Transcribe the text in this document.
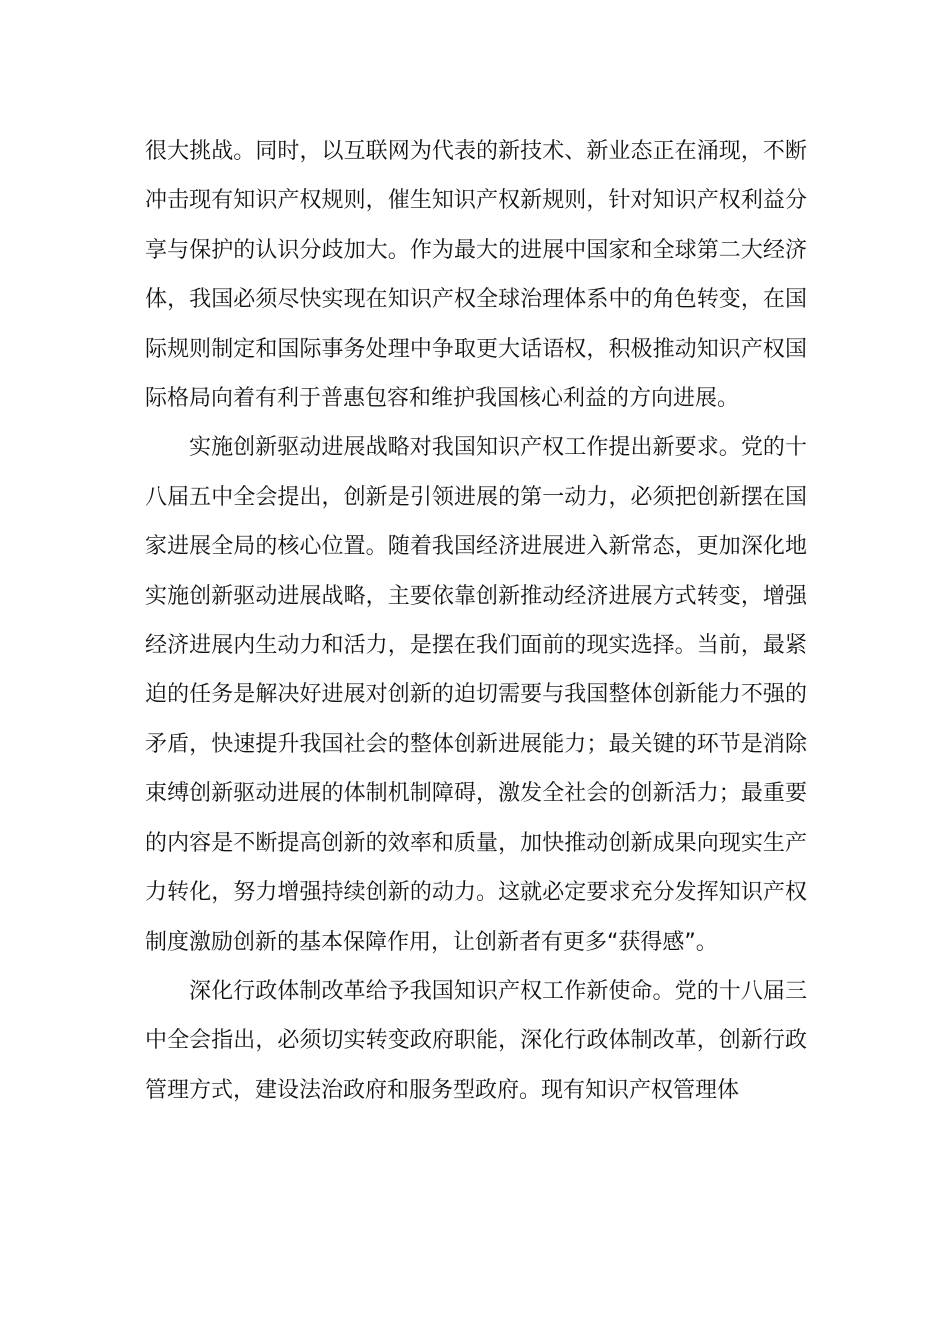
很大挑战。同时，以互联网为代表的新技术、新业态正在涌现，不断冲击现有知识产权规则，催生知识产权新规则，针对知识产权利益分享与保护的认识分歧加大。作为最大的进展中国家和全球第二大经济体，我国必须尽快实现在知识产权全球治理体系中的角色转变，在国际规则制定和国际事务处理中争取更大话语权，积极推动知识产权国际格局向着有利于普惠包容和维护我国核心利益的方向进展。

实施创新驱动进展战略对我国知识产权工作提出新要求。党的十八届五中全会提出，创新是引领进展的第一动力，必须把创新摆在国家进展全局的核心位置。随着我国经济进展进入新常态，更加深化地实施创新驱动进展战略，主要依靠创新推动经济进展方式转变，增强经济进展内生动力和活力，是摆在我们面前的现实选择。当前，最紧迫的任务是解决好进展对创新的迫切需要与我国整体创新能力不强的矛盾，快速提升我国社会的整体创新进展能力；最关键的环节是消除束缚创新驱动进展的体制机制障碍，激发全社会的创新活力；最重要的内容是不断提高创新的效率和质量，加快推动创新成果向现实生产力转化，努力增强持续创新的动力。这就必定要求充分发挥知识产权制度激励创新的基本保障作用，让创新者有更多“获得感”。

深化行政体制改革给予我国知识产权工作新使命。党的十八届三中全会指出，必须切实转变政府职能，深化行政体制改革，创新行政管理方式，建设法治政府和服务型政府。现有知识产权管理体
